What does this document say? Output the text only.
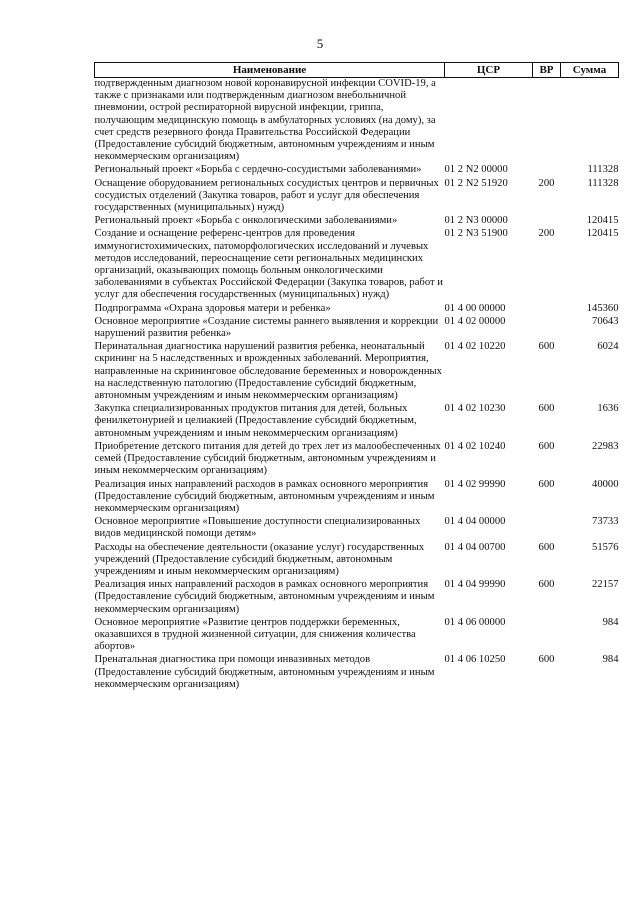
5
Наименование	ЦСР	ВР	Сумма
подтвержденным диагнозом новой коронавирусной инфекции COVID-19, а также с признаками или подтвержденным диагнозом внебольничной пневмонии, острой респираторной вирусной инфекции, гриппа, получающим медицинскую помощь в амбулаторных условиях (на дому), за счет средств резервного фонда Правительства Российской Федерации (Предоставление субсидий бюджетным, автономным учреждениям и иным некоммерческим организациям)			
Региональный проект «Борьба с сердечно-сосудистыми заболеваниями»	01 2 N2 00000		111328
Оснащение оборудованием региональных сосудистых центров и первичных сосудистых отделений (Закупка товаров, работ и услуг для обеспечения государственных (муниципальных) нужд)	01 2 N2 51920	200	111328
Региональный проект «Борьба с онкологическими заболеваниями»	01 2 N3 00000		120415
Создание и оснащение референс-центров для проведения иммуногистохимических, патоморфологических исследований и лучевых методов исследований, переоснащение сети региональных медицинских организаций, оказывающих помощь больным онкологическими заболеваниями в субъектах Российской Федерации (Закупка товаров, работ и услуг для обеспечения государственных (муниципальных) нужд)	01 2 N3 51900	200	120415
Подпрограмма «Охрана здоровья матери и ребенка»	01 4 00 00000		145360
Основное мероприятие «Создание системы раннего выявления и коррекции нарушений развития ребенка»	01 4 02 00000		70643
Перинатальная диагностика нарушений развития ребенка, неонатальный скрининг на 5 наследственных и врожденных заболеваний. Мероприятия, направленные на скрининговое обследование беременных и новорожденных на наследственную патологию (Предоставление субсидий бюджетным, автономным учреждениям и иным некоммерческим организациям)	01 4 02 10220	600	6024
Закупка специализированных продуктов питания для детей, больных фенилкетонурией и целиакией (Предоставление субсидий бюджетным, автономным учреждениям и иным некоммерческим организациям)	01 4 02 10230	600	1636
Приобретение детского питания для детей до трех лет из малообеспеченных семей (Предоставление субсидий бюджетным, автономным учреждениям и иным некоммерческим организациям)	01 4 02 10240	600	22983
Реализация иных направлений расходов в рамках основного мероприятия (Предоставление субсидий бюджетным, автономным учреждениям и иным некоммерческим организациям)	01 4 02 99990	600	40000
Основное мероприятие «Повышение доступности специализированных видов медицинской помощи детям»	01 4 04 00000		73733
Расходы на обеспечение деятельности (оказание услуг) государственных учреждений (Предоставление субсидий бюджетным, автономным учреждениям и иным некоммерческим организациям)	01 4 04 00700	600	51576
Реализация иных направлений расходов в рамках основного мероприятия (Предоставление субсидий бюджетным, автономным учреждениям и иным некоммерческим организациям)	01 4 04 99990	600	22157
Основное мероприятие «Развитие центров поддержки беременных, оказавшихся в трудной жизненной ситуации, для снижения количества абортов»	01 4 06 00000		984
Пренатальная диагностика при помощи инвазивных методов (Предоставление субсидий бюджетным, автономным учреждениям и иным некоммерческим организациям)	01 4 06 10250	600	984
